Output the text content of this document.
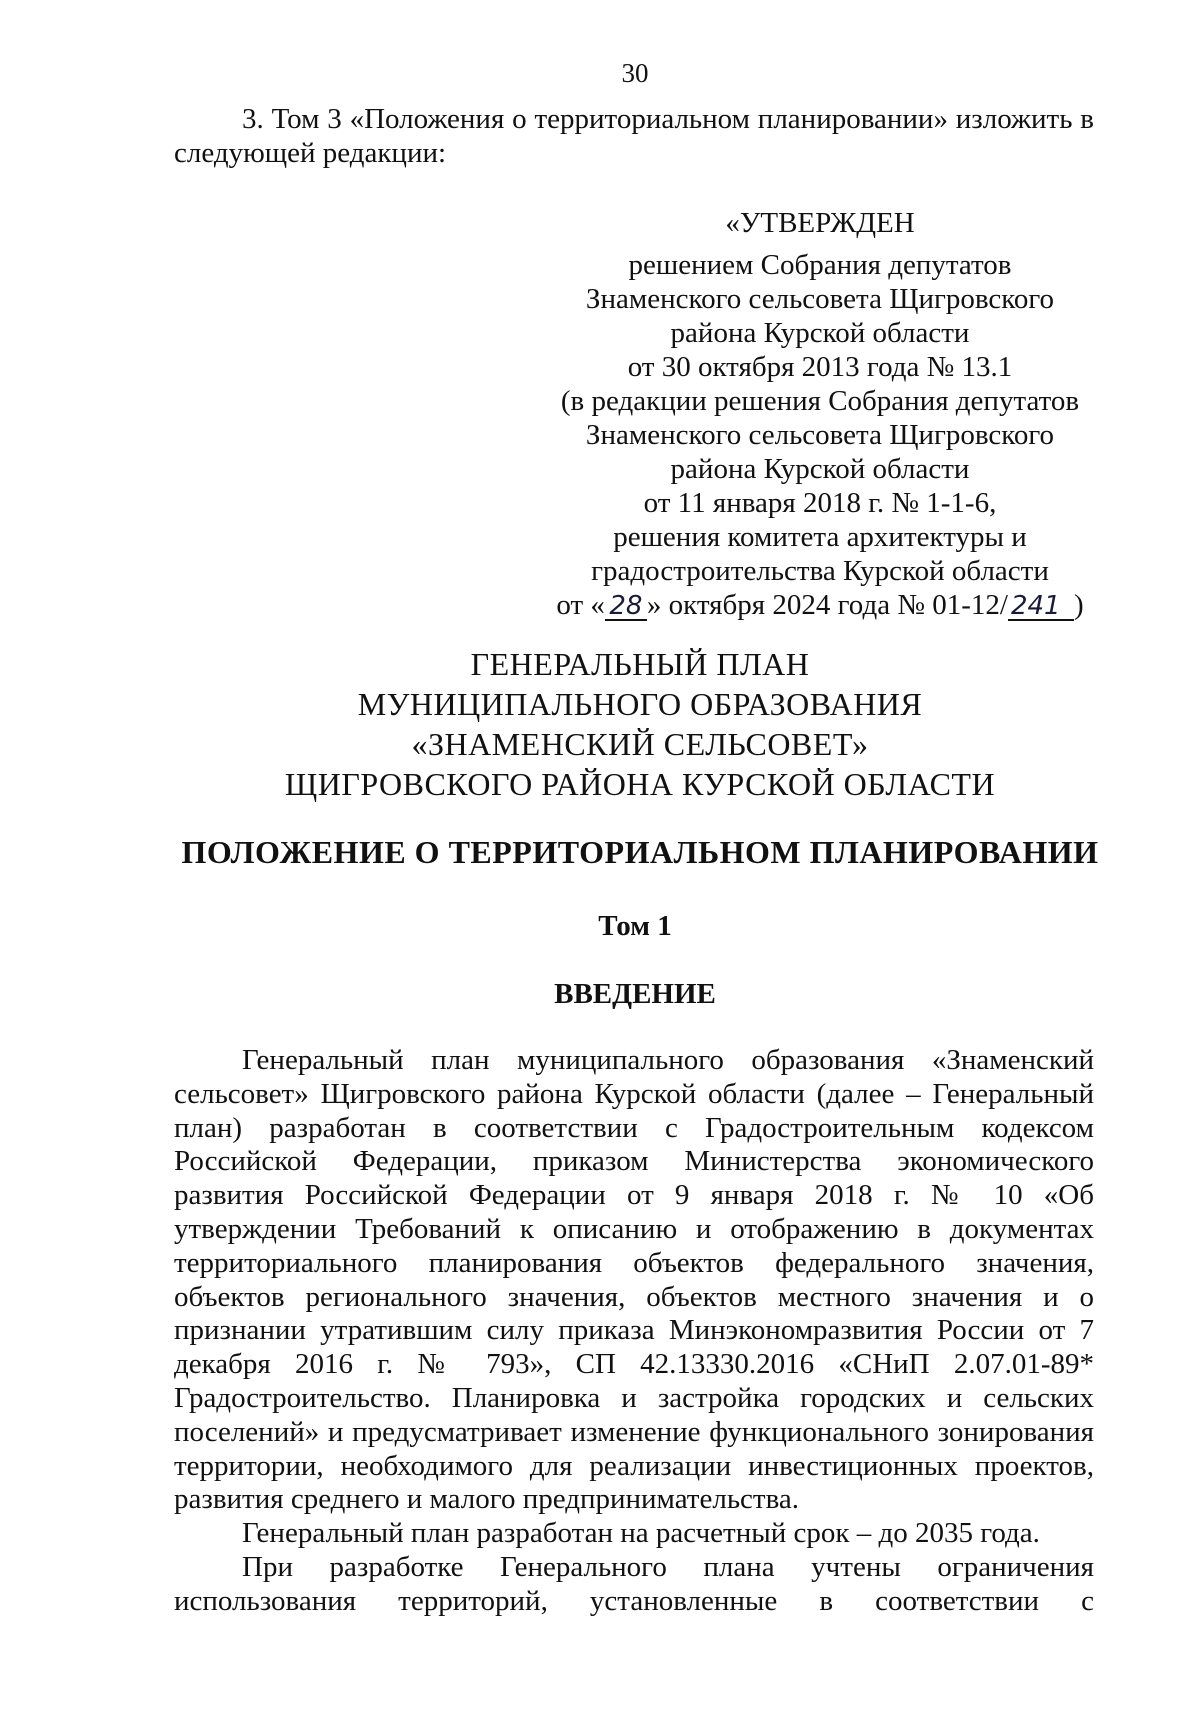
30
3. Том 3 «Положения о территориальном планировании» изложить в следующей редакции:
«УТВЕРЖДЕН
решением Собрания депутатов
Знаменского сельсовета Щигровского
района Курской области
от 30 октября 2013 года № 13.1
(в редакции решения Собрания депутатов
Знаменского сельсовета Щигровского
района Курской области
от 11 января 2018 г. № 1-1-6,
решения комитета архитектуры и
градостроительства Курской области
от « 28 » октября 2024 года № 01-12/ 241 )
ГЕНЕРАЛЬНЫЙ ПЛАН
МУНИЦИПАЛЬНОГО ОБРАЗОВАНИЯ
«ЗНАМЕНСКИЙ СЕЛЬСОВЕТ»
ЩИГРОВСКОГО РАЙОНА КУРСКОЙ ОБЛАСТИ
ПОЛОЖЕНИЕ О ТЕРРИТОРИАЛЬНОМ ПЛАНИРОВАНИИ
Том 1
ВВЕДЕНИЕ

Генеральный план муниципального образования «Знаменский сельсовет» Щигровского района Курской области (далее – Генеральный план) разработан в соответствии с Градостроительным кодексом Российской Федерации, приказом Министерства экономического развития Российской Федерации от 9 января 2018 г. № 10 «Об утверждении Требований к описанию и отображению в документах территориального планирования объектов федерального значения, объектов регионального значения, объектов местного значения и о признании утратившим силу приказа Минэкономразвития России от 7 декабря 2016 г. № 793», СП 42.13330.2016 «СНиП 2.07.01-89* Градостроительство. Планировка и застройка городских и сельских поселений» и предусматривает изменение функционального зонирования территории, необходимого для реализации инвестиционных проектов, развития среднего и малого предпринимательства.

Генеральный план разработан на расчетный срок – до 2035 года.

При разработке Генерального плана учтены ограничения использования территорий, установленные в соответствии с
